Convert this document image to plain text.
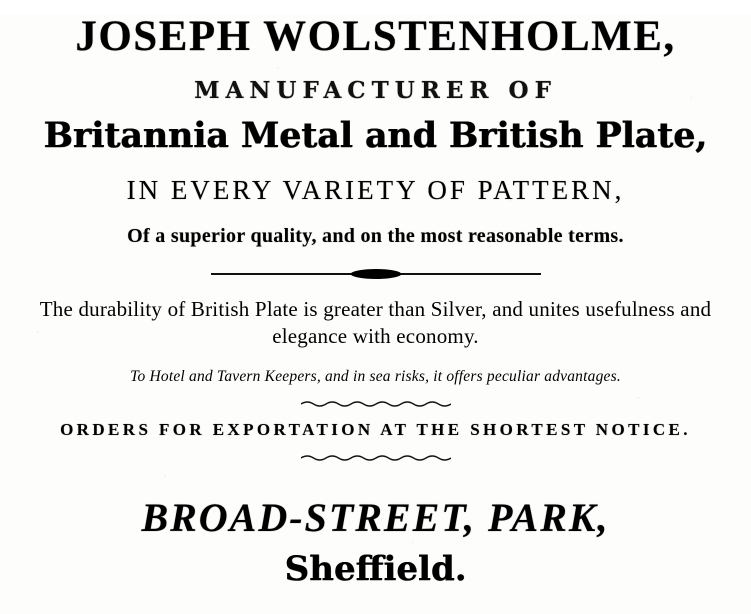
JOSEPH WOLSTENHOLME,
MANUFACTURER OF
Britannia Metal and British Plate,
IN EVERY VARIETY OF PATTERN,
Of a superior quality, and on the most reasonable terms.
The durability of British Plate is greater than Silver, and unites usefulness and elegance with economy.
To Hotel and Tavern Keepers, and in sea risks, it offers peculiar advantages.
ORDERS FOR EXPORTATION AT THE SHORTEST NOTICE.
BROAD-STREET, PARK,
Sheffield.
